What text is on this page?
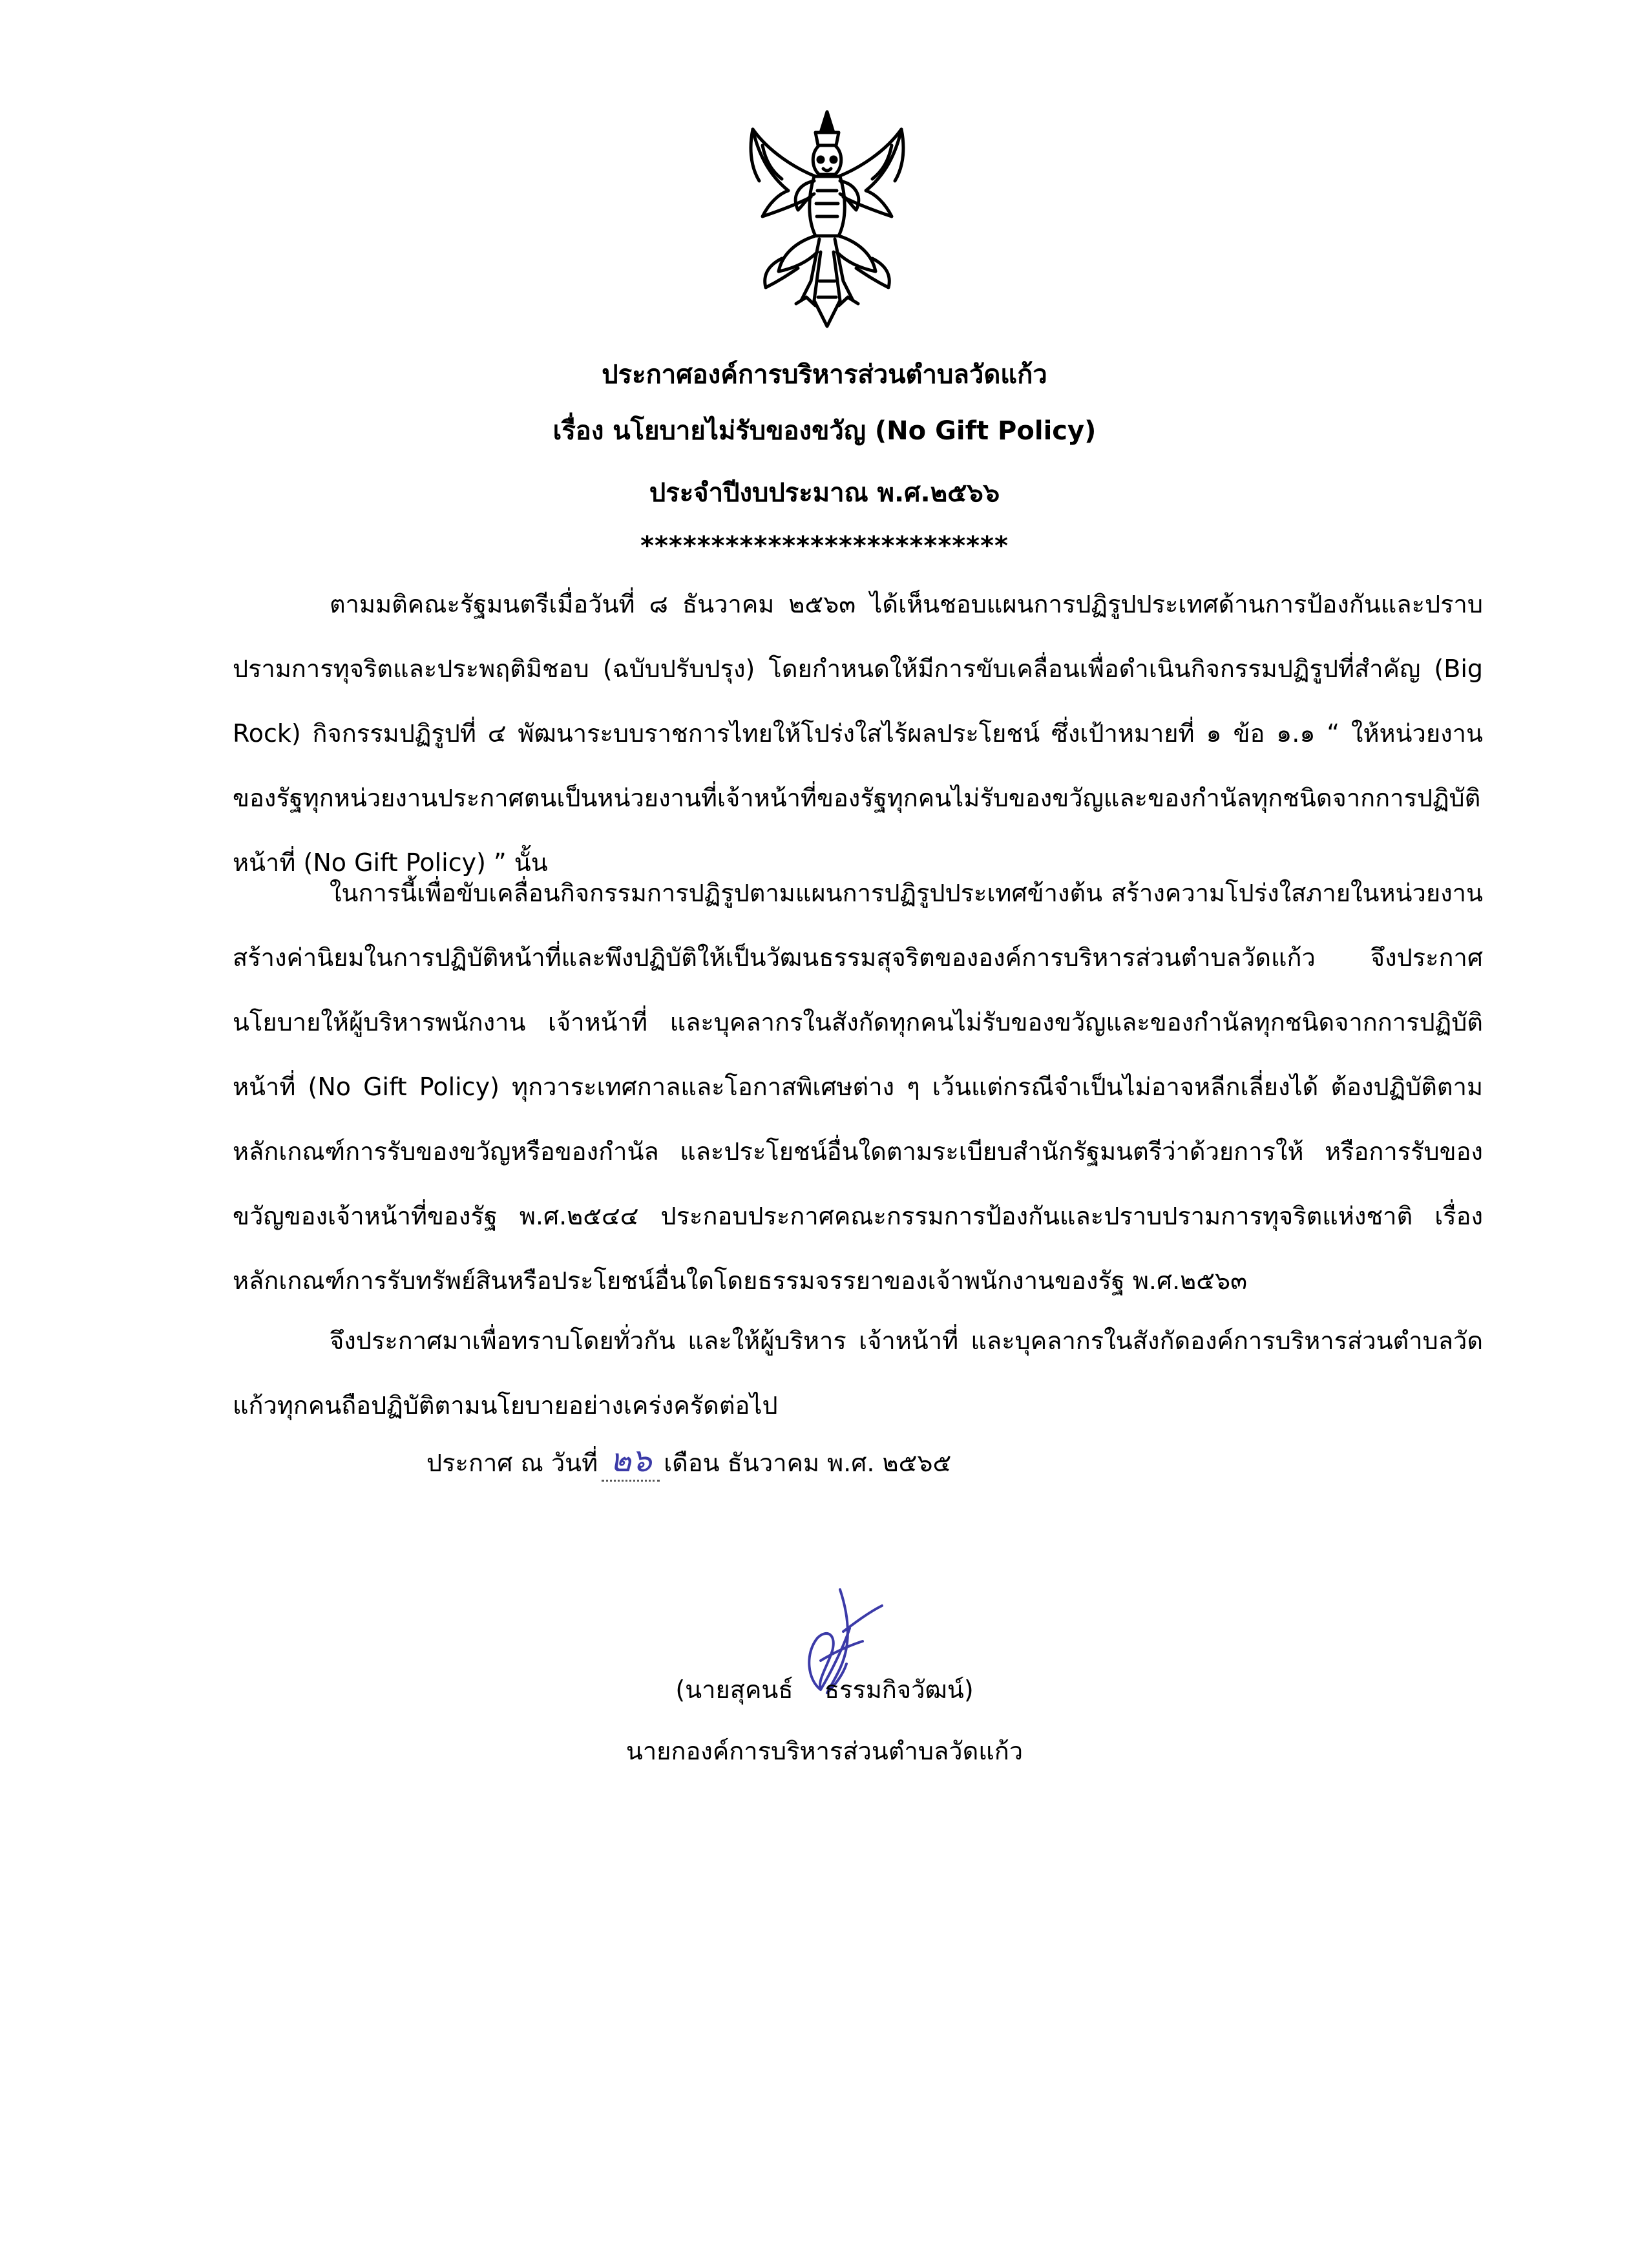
ประกาศองค์การบริหารส่วนตำบลวัดแก้ว
เรื่อง นโยบายไม่รับของขวัญ (No Gift Policy)
ประจำปีงบประมาณ พ.ศ.๒๕๖๖
**************************

ตามมติคณะรัฐมนตรีเมื่อวันที่ ๘ ธันวาคม ๒๕๖๓ ได้เห็นชอบแผนการปฏิรูปประเทศด้านการป้องกันและปราบปรามการทุจริตและประพฤติมิชอบ (ฉบับปรับปรุง) โดยกำหนดให้มีการขับเคลื่อนเพื่อดำเนินกิจกรรมปฏิรูปที่สำคัญ (Big Rock) กิจกรรมปฏิรูปที่ ๔ พัฒนาระบบราชการไทยให้โปร่งใสไร้ผลประโยชน์ ซึ่งเป้าหมายที่ ๑ ข้อ ๑.๑ “ ให้หน่วยงานของรัฐทุกหน่วยงานประกาศตนเป็นหน่วยงานที่เจ้าหน้าที่ของรัฐทุกคนไม่รับของขวัญและของกำนัลทุกชนิดจากการปฏิบัติหน้าที่ (No Gift Policy) ” นั้น

ในการนี้เพื่อขับเคลื่อนกิจกรรมการปฏิรูปตามแผนการปฏิรูปประเทศข้างต้น สร้างความโปร่งใสภายในหน่วยงาน สร้างค่านิยมในการปฏิบัติหน้าที่และพึงปฏิบัติให้เป็นวัฒนธรรมสุจริตขององค์การบริหารส่วนตำบลวัดแก้ว จึงประกาศนโยบายให้ผู้บริหารพนักงาน เจ้าหน้าที่ และบุคลากรในสังกัดทุกคนไม่รับของขวัญและของกำนัลทุกชนิดจากการปฏิบัติหน้าที่ (No Gift Policy) ทุกวาระเทศกาลและโอกาสพิเศษต่าง ๆ เว้นแต่กรณีจำเป็นไม่อาจหลีกเลี่ยงได้ ต้องปฏิบัติตามหลักเกณฑ์การรับของขวัญหรือของกำนัล และประโยชน์อื่นใดตามระเบียบสำนักรัฐมนตรีว่าด้วยการให้ หรือการรับของขวัญของเจ้าหน้าที่ของรัฐ พ.ศ.๒๕๔๔ ประกอบประกาศคณะกรรมการป้องกันและปราบปรามการทุจริตแห่งชาติ เรื่อง หลักเกณฑ์การรับทรัพย์สินหรือประโยชน์อื่นใดโดยธรรมจรรยาของเจ้าพนักงานของรัฐ พ.ศ.๒๕๖๓

จึงประกาศมาเพื่อทราบโดยทั่วกัน และให้ผู้บริหาร เจ้าหน้าที่ และบุคลากรในสังกัดองค์การบริหารส่วนตำบลวัดแก้วทุกคนถือปฏิบัติตามนโยบายอย่างเคร่งครัดต่อไป

ประกาศ ณ วันที่ ๒๖ เดือน ธันวาคม พ.ศ. ๒๕๖๕
(นายสุคนธ์    ธรรมกิจวัฒน์)
นายกองค์การบริหารส่วนตำบลวัดแก้ว
